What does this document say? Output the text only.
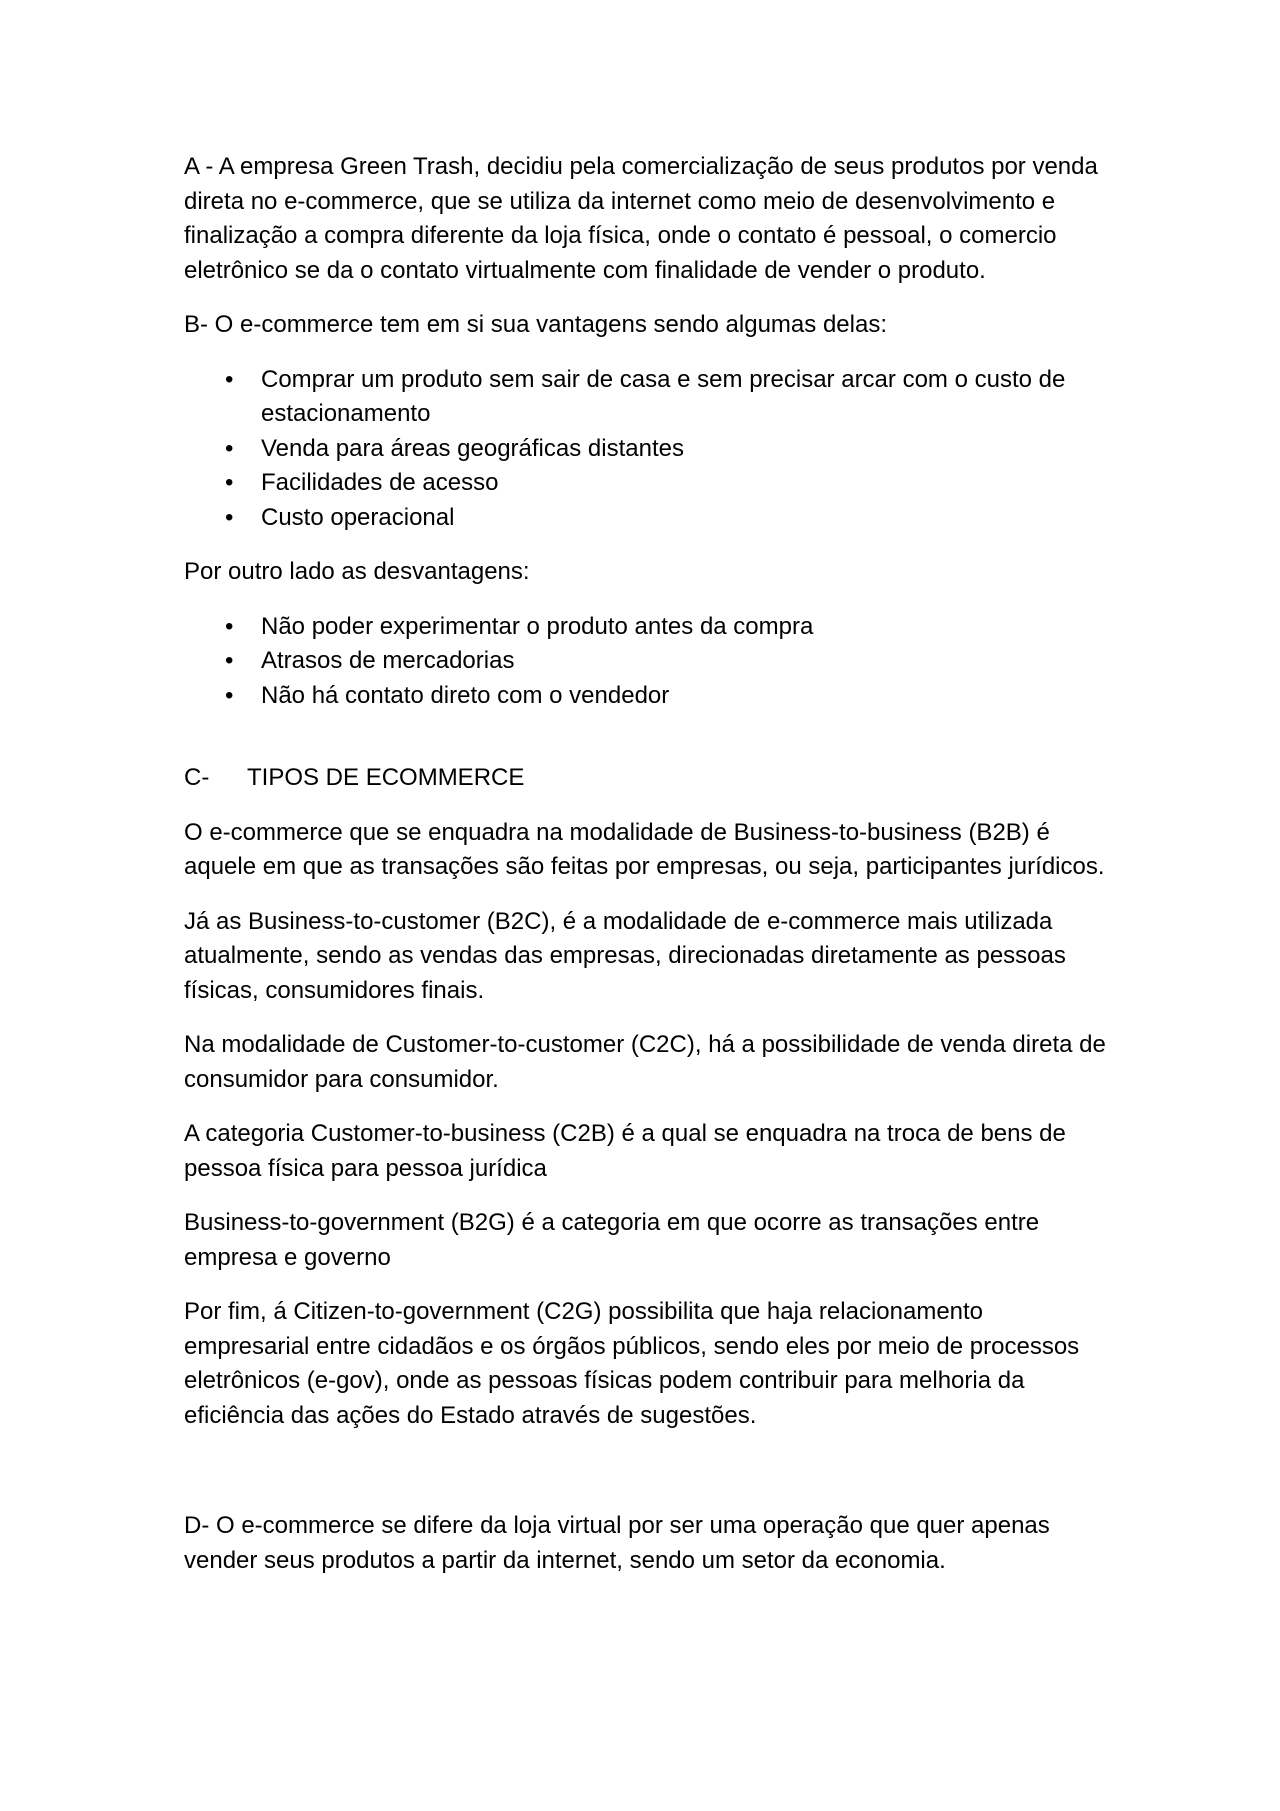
A - A empresa Green Trash, decidiu pela comercialização de seus produtos por venda direta no e-commerce, que se utiliza da internet como meio de desenvolvimento e finalização a compra diferente da loja física, onde o contato é pessoal, o comercio eletrônico se da o contato virtualmente com finalidade de vender o produto.

B- O e-commerce tem em si sua vantagens sendo algumas delas:

• Comprar um produto sem sair de casa e sem precisar arcar com o custo de estacionamento
• Venda para áreas geográficas distantes
• Facilidades de acesso
• Custo operacional

Por outro lado as desvantagens:

• Não poder experimentar o produto antes da compra
• Atrasos de mercadorias
• Não há contato direto com o vendedor

C- TIPOS DE ECOMMERCE

O e-commerce que se enquadra na modalidade de Business-to-business (B2B) é aquele em que as transações são feitas por empresas, ou seja, participantes jurídicos.

Já as Business-to-customer (B2C), é a modalidade de e-commerce mais utilizada atualmente, sendo as vendas das empresas, direcionadas diretamente as pessoas físicas, consumidores finais.

Na modalidade de Customer-to-customer (C2C), há a possibilidade de venda direta de consumidor para consumidor.

A categoria Customer-to-business (C2B) é a qual se enquadra na troca de bens de pessoa física para pessoa jurídica

Business-to-government (B2G) é a categoria em que ocorre as transações entre empresa e governo

Por fim, á Citizen-to-government (C2G) possibilita que haja relacionamento empresarial entre cidadãos e os órgãos públicos, sendo eles por meio de processos eletrônicos (e-gov), onde as pessoas físicas podem contribuir para melhoria da eficiência das ações do Estado através de sugestões.

D- O e-commerce se difere da loja virtual por ser uma operação que quer apenas vender seus produtos a partir da internet, sendo um setor da economia.
